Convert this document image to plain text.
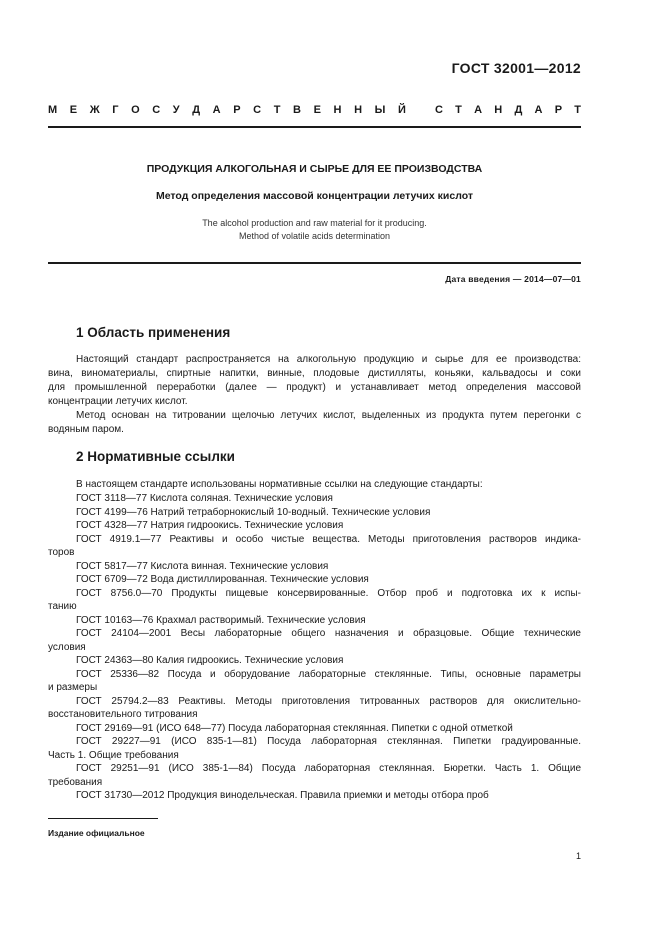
ГОСТ 32001—2012
М Е Ж Г О С У Д А Р С Т В Е Н Н Ы Й	С Т А Н Д А Р Т
ПРОДУКЦИЯ АЛКОГОЛЬНАЯ И СЫРЬЕ ДЛЯ ЕЕ ПРОИЗВОДСТВА
Метод определения массовой концентрации летучих кислот
The alcohol production and raw material for it producing.
Method of volatile acids determination
Дата введения — 2014—07—01
1 Область применения
Настоящий стандарт распространяется на алкогольную продукцию и сырье для ее производства:
вина, виноматериалы, спиртные напитки, винные, плодовые дистилляты, коньяки, кальвадосы и соки
для промышленной переработки (далее — продукт) и устанавливает метод определения массовой
концентрации летучих кислот.
Метод основан на титровании щелочью летучих кислот, выделенных из продукта путем перегонки с
водяным паром.
2 Нормативные ссылки
В настоящем стандарте использованы нормативные ссылки на следующие стандарты:
ГОСТ 3118—77 Кислота соляная. Технические условия
ГОСТ 4199—76 Натрий тетраборнокислый 10-водный. Технические условия
ГОСТ 4328—77 Натрия гидроокись. Технические условия
ГОСТ 4919.1—77 Реактивы и особо чистые вещества. Методы приготовления растворов индика-
торов
ГОСТ 5817—77 Кислота винная. Технические условия
ГОСТ 6709—72 Вода дистиллированная. Технические условия
ГОСТ 8756.0—70 Продукты пищевые консервированные. Отбор проб и подготовка их к испы-
танию
ГОСТ 10163—76 Крахмал растворимый. Технические условия
ГОСТ 24104—2001 Весы лабораторные общего назначения и образцовые. Общие технические
условия
ГОСТ 24363—80 Калия гидроокись. Технические условия
ГОСТ 25336—82 Посуда и оборудование лабораторные стеклянные. Типы, основные параметры
и размеры
ГОСТ 25794.2—83 Реактивы. Методы приготовления титрованных растворов для окислительно-
восстановительного титрования
ГОСТ 29169—91 (ИСО 648—77) Посуда лабораторная стеклянная. Пипетки с одной отметкой
ГОСТ 29227—91 (ИСО 835-1—81) Посуда лабораторная стеклянная. Пипетки градуированные.
Часть 1. Общие требования
ГОСТ 29251—91 (ИСО 385-1—84) Посуда лабораторная стеклянная. Бюретки. Часть 1. Общие
требования
ГОСТ 31730—2012 Продукция винодельческая. Правила приемки и методы отбора проб
Издание официальное
1
